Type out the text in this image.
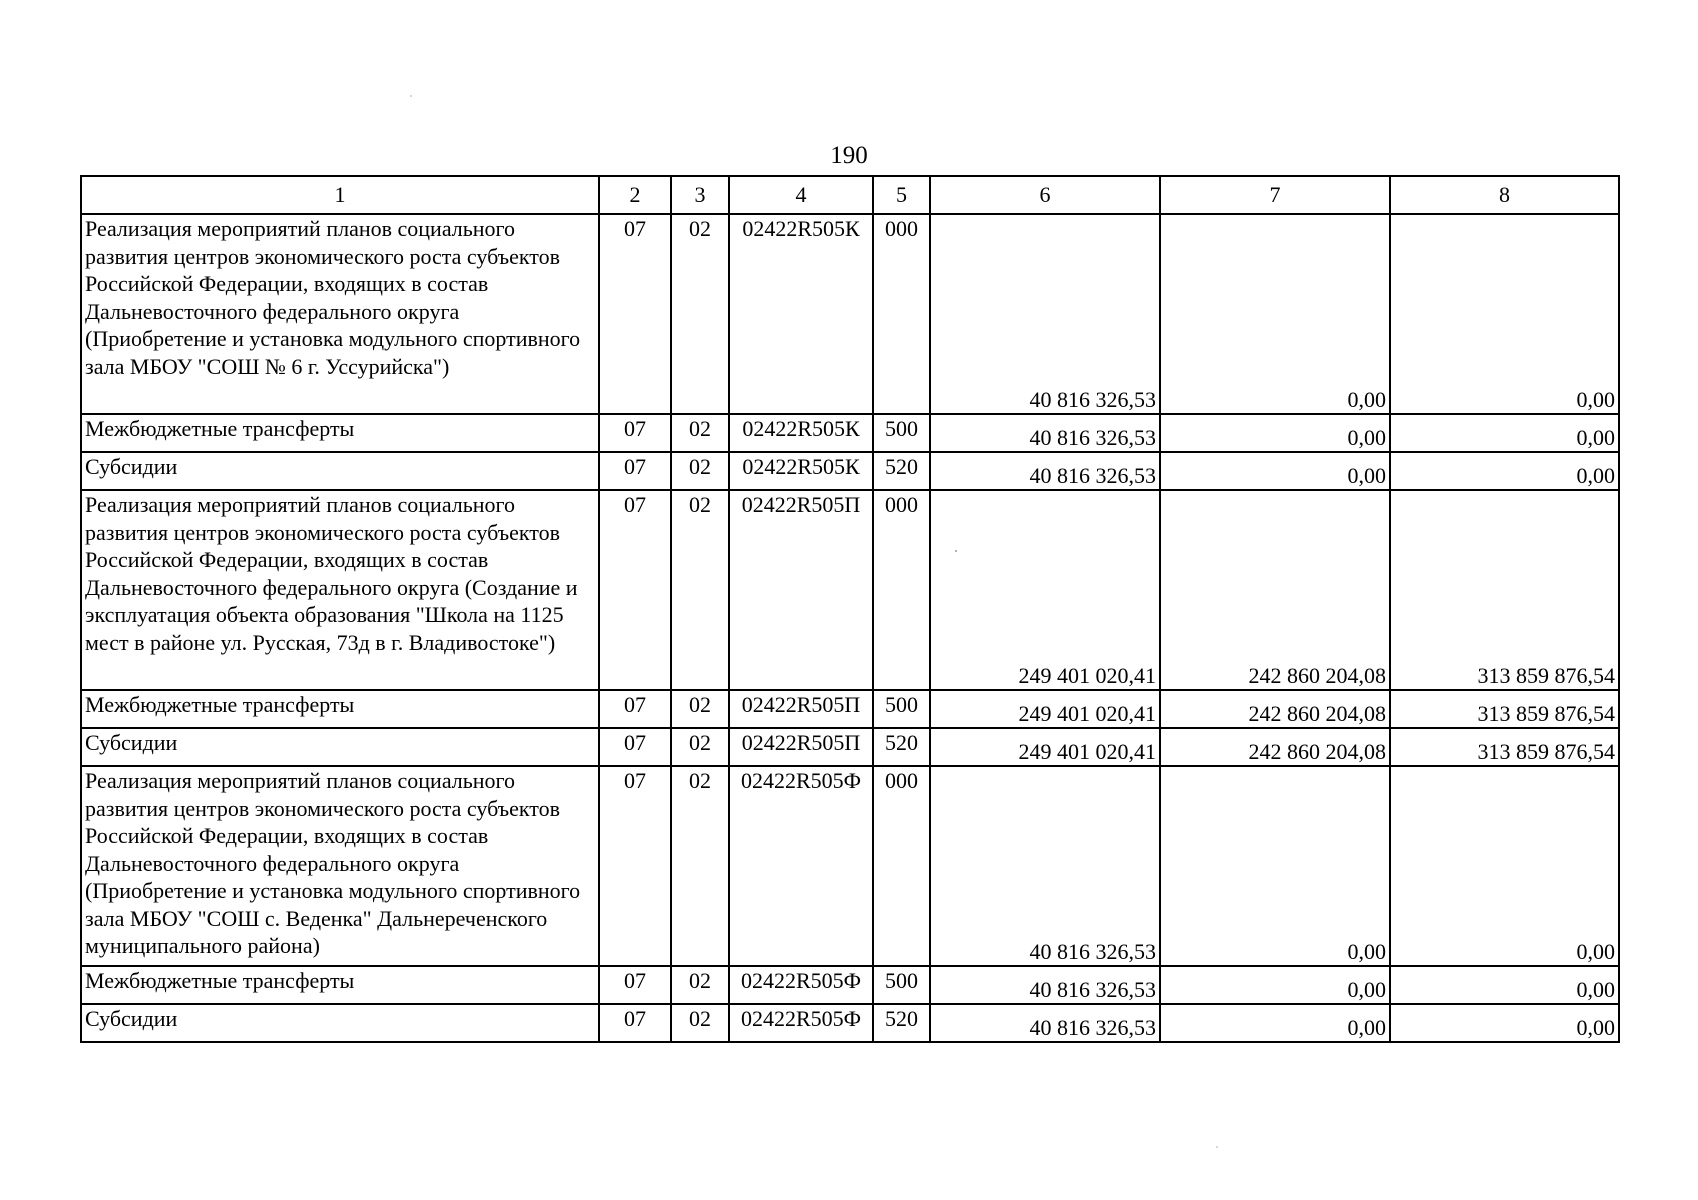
190
1	2	3	4	5	6	7	8
Реализация мероприятий планов социального развития центров экономического роста субъектов Российской Федерации, входящих в состав Дальневосточного федерального округа (Приобретение и установка модульного спортивного зала МБОУ "СОШ № 6 г. Уссурийска")	07	02	02422R505К	000	40 816 326,53	0,00	0,00
Межбюджетные трансферты	07	02	02422R505К	500	40 816 326,53	0,00	0,00
Субсидии	07	02	02422R505К	520	40 816 326,53	0,00	0,00
Реализация мероприятий планов социального развития центров экономического роста субъектов Российской Федерации, входящих в состав Дальневосточного федерального округа (Создание и эксплуатация объекта образования "Школа на 1125 мест в районе ул. Русская, 73д в г. Владивостоке")	07	02	02422R505П	000	249 401 020,41	242 860 204,08	313 859 876,54
Межбюджетные трансферты	07	02	02422R505П	500	249 401 020,41	242 860 204,08	313 859 876,54
Субсидии	07	02	02422R505П	520	249 401 020,41	242 860 204,08	313 859 876,54
Реализация мероприятий планов социального развития центров экономического роста субъектов Российской Федерации, входящих в состав Дальневосточного федерального округа (Приобретение и установка модульного спортивного зала МБОУ "СОШ с. Веденка" Дальнереченского муниципального района)	07	02	02422R505Ф	000	40 816 326,53	0,00	0,00
Межбюджетные трансферты	07	02	02422R505Ф	500	40 816 326,53	0,00	0,00
Субсидии	07	02	02422R505Ф	520	40 816 326,53	0,00	0,00
